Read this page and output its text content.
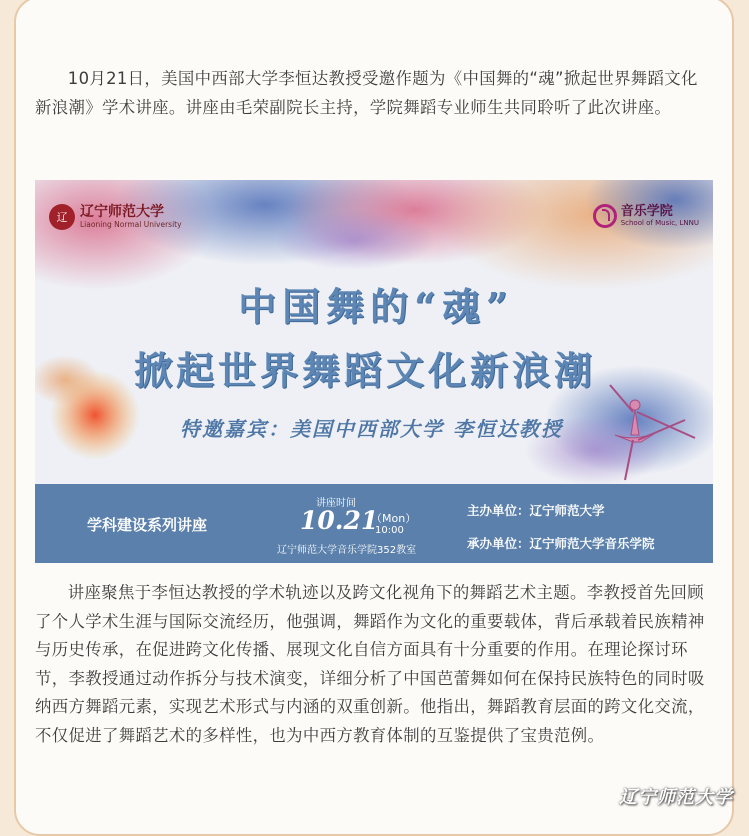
10月21日，美国中西部大学李恒达教授受邀作题为《中国舞的“魂”掀起世界舞蹈文化新浪潮》学术讲座。讲座由毛荣副院长主持，学院舞蹈专业师生共同聆听了此次讲座。

辽 辽宁师范大学
Liaoning Normal University
音乐学院
School of Music, LNNU
中国舞的“魂”
掀起世界舞蹈文化新浪潮
特邀嘉宾：美国中西部大学 李恒达教授
学科建设系列讲座
讲座时间
10.21
（Mon）
10:00
辽宁师范大学音乐学院352教室
主办单位：辽宁师范大学
承办单位：辽宁师范大学音乐学院

讲座聚焦于李恒达教授的学术轨迹以及跨文化视角下的舞蹈艺术主题。李教授首先回顾了个人学术生涯与国际交流经历，他强调，舞蹈作为文化的重要载体，背后承载着民族精神与历史传承，在促进跨文化传播、展现文化自信方面具有十分重要的作用。在理论探讨环节，李教授通过动作拆分与技术演变，详细分析了中国芭蕾舞如何在保持民族特色的同时吸纳西方舞蹈元素，实现艺术形式与内涵的双重创新。他指出，舞蹈教育层面的跨文化交流，不仅促进了舞蹈艺术的多样性，也为中西方教育体制的互鉴提供了宝贵范例。

辽宁师范大学
